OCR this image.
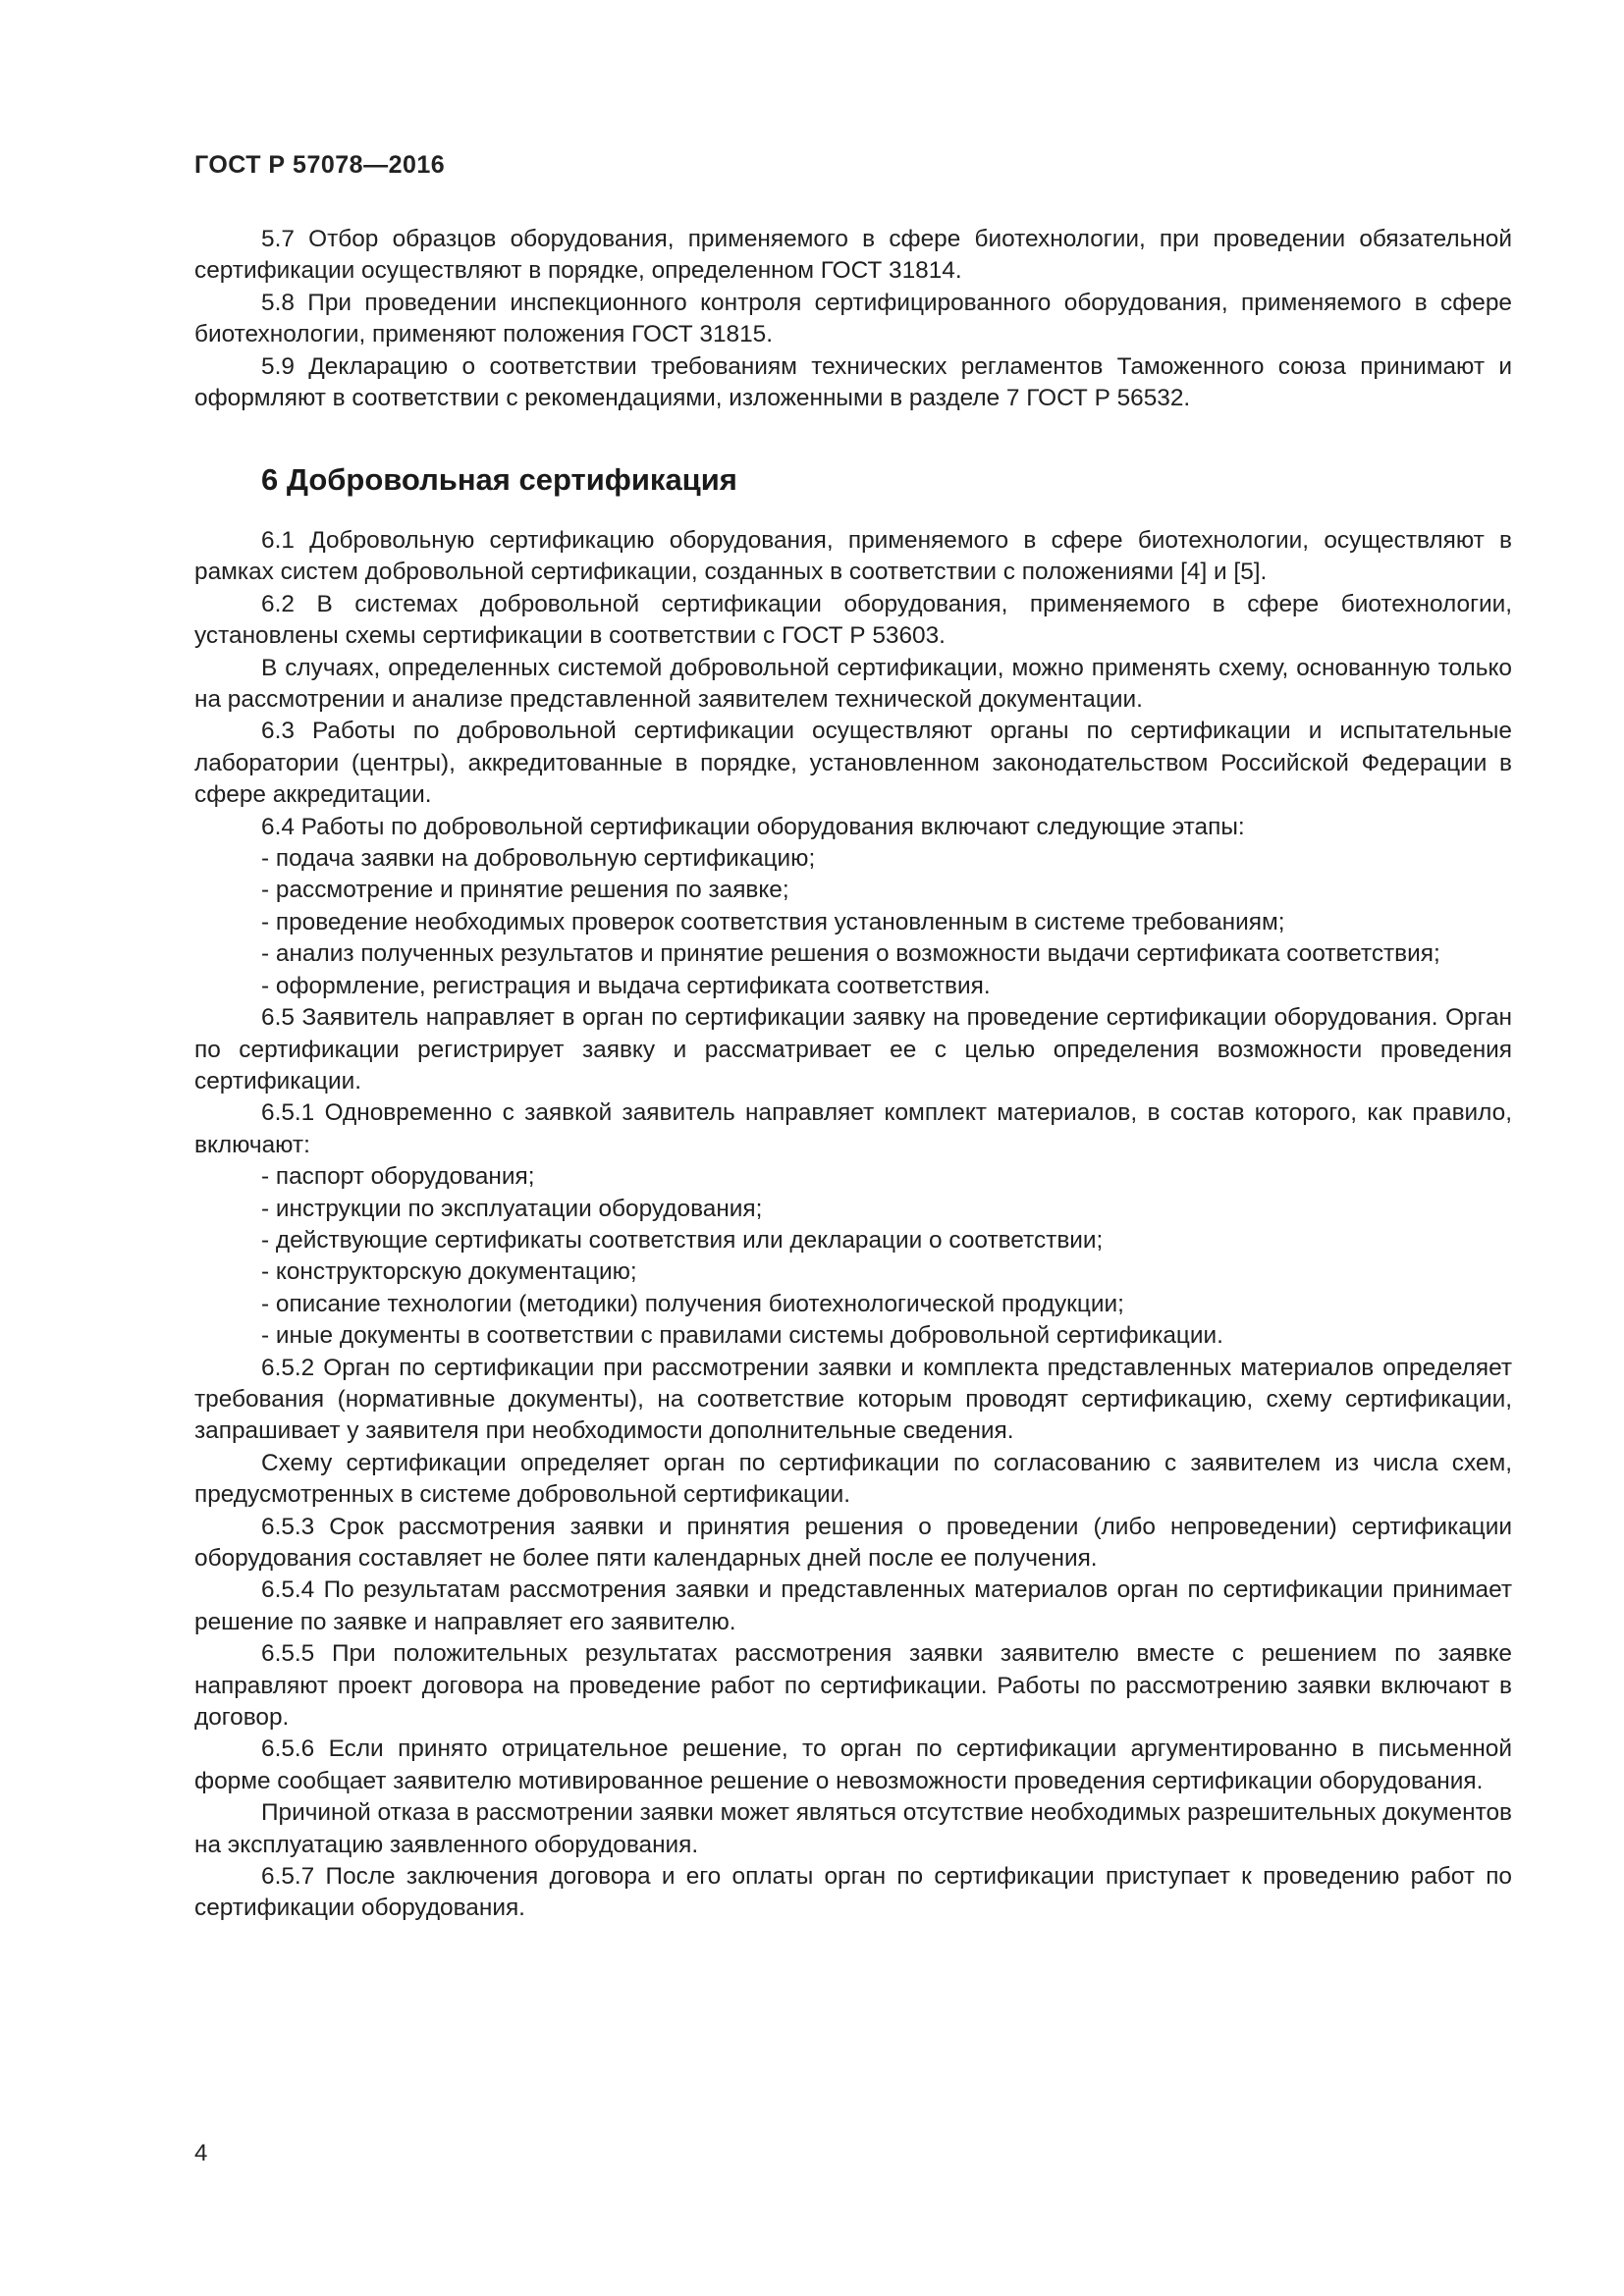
ГОСТ Р 57078—2016

5.7 Отбор образцов оборудования, применяемого в сфере биотехнологии, при проведении обязательной сертификации осуществляют в порядке, определенном ГОСТ 31814.

5.8 При проведении инспекционного контроля сертифицированного оборудования, применяемого в сфере биотехнологии, применяют положения ГОСТ 31815.

5.9 Декларацию о соответствии требованиям технических регламентов Таможенного союза принимают и оформляют в соответствии с рекомендациями, изложенными в разделе 7 ГОСТ Р 56532.

6 Добровольная сертификация

6.1 Добровольную сертификацию оборудования, применяемого в сфере биотехнологии, осуществляют в рамках систем добровольной сертификации, созданных в соответствии с положениями [4] и [5].

6.2 В системах добровольной сертификации оборудования, применяемого в сфере биотехнологии, установлены схемы сертификации в соответствии с ГОСТ Р 53603.

В случаях, определенных системой добровольной сертификации, можно применять схему, основанную только на рассмотрении и анализе представленной заявителем технической документации.

6.3 Работы по добровольной сертификации осуществляют органы по сертификации и испытательные лаборатории (центры), аккредитованные в порядке, установленном законодательством Российской Федерации в сфере аккредитации.

6.4 Работы по добровольной сертификации оборудования включают следующие этапы:

- подача заявки на добровольную сертификацию;

- рассмотрение и принятие решения по заявке;

- проведение необходимых проверок соответствия установленным в системе требованиям;

- анализ полученных результатов и принятие решения о возможности выдачи сертификата соответствия;

- оформление, регистрация и выдача сертификата соответствия.

6.5 Заявитель направляет в орган по сертификации заявку на проведение сертификации оборудования. Орган по сертификации регистрирует заявку и рассматривает ее с целью определения возможности проведения сертификации.

6.5.1 Одновременно с заявкой заявитель направляет комплект материалов, в состав которого, как правило, включают:

- паспорт оборудования;

- инструкции по эксплуатации оборудования;

- действующие сертификаты соответствия или декларации о соответствии;

- конструкторскую документацию;

- описание технологии (методики) получения биотехнологической продукции;

- иные документы в соответствии с правилами системы добровольной сертификации.

6.5.2 Орган по сертификации при рассмотрении заявки и комплекта представленных материалов определяет требования (нормативные документы), на соответствие которым проводят сертификацию, схему сертификации, запрашивает у заявителя при необходимости дополнительные сведения.

Схему сертификации определяет орган по сертификации по согласованию с заявителем из числа схем, предусмотренных в системе добровольной сертификации.

6.5.3 Срок рассмотрения заявки и принятия решения о проведении (либо непроведении) сертификации оборудования составляет не более пяти календарных дней после ее получения.

6.5.4 По результатам рассмотрения заявки и представленных материалов орган по сертификации принимает решение по заявке и направляет его заявителю.

6.5.5 При положительных результатах рассмотрения заявки заявителю вместе с решением по заявке направляют проект договора на проведение работ по сертификации. Работы по рассмотрению заявки включают в договор.

6.5.6 Если принято отрицательное решение, то орган по сертификации аргументированно в письменной форме сообщает заявителю мотивированное решение о невозможности проведения сертификации оборудования.

Причиной отказа в рассмотрении заявки может являться отсутствие необходимых разрешительных документов на эксплуатацию заявленного оборудования.

6.5.7 После заключения договора и его оплаты орган по сертификации приступает к проведению работ по сертификации оборудования.

4
